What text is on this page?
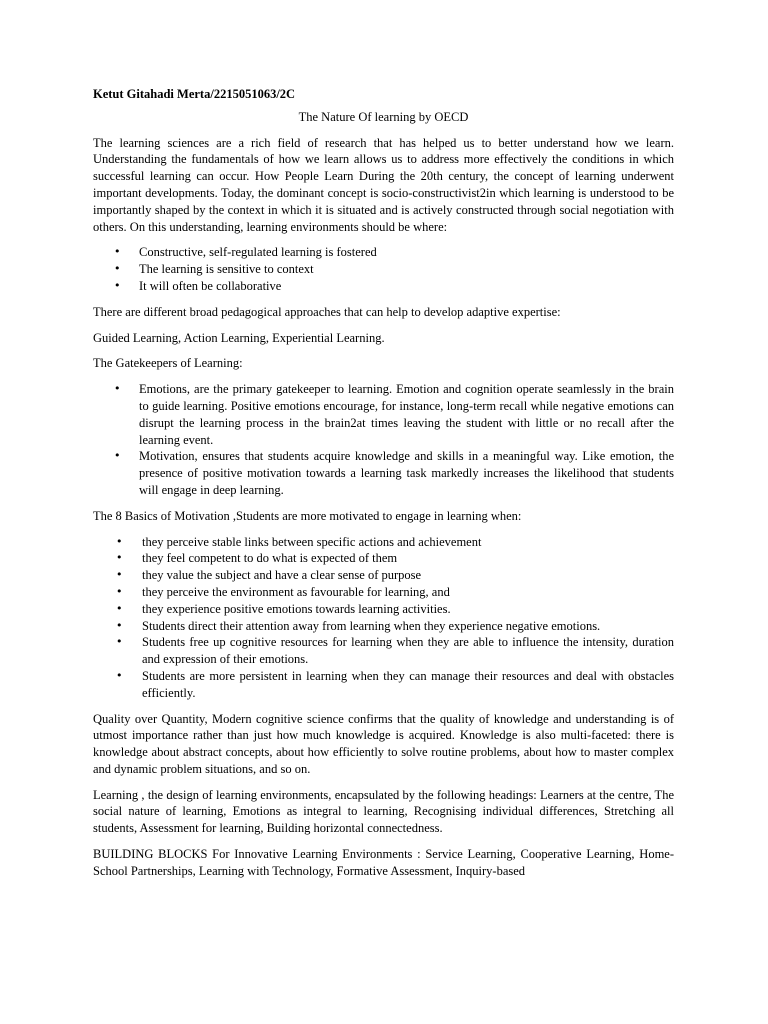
Ketut Gitahadi Merta/2215051063/2C
The Nature Of learning by OECD

The learning sciences are a rich field of research that has helped us to better understand how we learn. Understanding the fundamentals of how we learn allows us to address more effectively the conditions in which successful learning can occur. How People Learn During the 20th century, the concept of learning underwent important developments. Today, the dominant concept is socio-constructivist2in which learning is understood to be importantly shaped by the context in which it is situated and is actively constructed through social negotiation with others. On this understanding, learning environments should be where:

• Constructive, self-regulated learning is fostered
• The learning is sensitive to context
• It will often be collaborative

There are different broad pedagogical approaches that can help to develop adaptive expertise:

Guided Learning, Action Learning, Experiential Learning.

The Gatekeepers of Learning:

• Emotions, are the primary gatekeeper to learning. Emotion and cognition operate seamlessly in the brain to guide learning. Positive emotions encourage, for instance, long-term recall while negative emotions can disrupt the learning process in the brain2at times leaving the student with little or no recall after the learning event.
• Motivation, ensures that students acquire knowledge and skills in a meaningful way. Like emotion, the presence of positive motivation towards a learning task markedly increases the likelihood that students will engage in deep learning.

The 8 Basics of Motivation ,Students are more motivated to engage in learning when:

• they perceive stable links between specific actions and achievement
• they feel competent to do what is expected of them
• they value the subject and have a clear sense of purpose
• they perceive the environment as favourable for learning, and
• they experience positive emotions towards learning activities.
• Students direct their attention away from learning when they experience negative emotions.
• Students free up cognitive resources for learning when they are able to influence the intensity, duration and expression of their emotions.
• Students are more persistent in learning when they can manage their resources and deal with obstacles efficiently.

Quality over Quantity, Modern cognitive science confirms that the quality of knowledge and understanding is of utmost importance rather than just how much knowledge is acquired. Knowledge is also multi-faceted: there is knowledge about abstract concepts, about how efficiently to solve routine problems, about how to master complex and dynamic problem situations, and so on.

Learning , the design of learning environments, encapsulated by the following headings: Learners at the centre, The social nature of learning, Emotions as integral to learning, Recognising individual differences, Stretching all students, Assessment for learning, Building horizontal connectedness.

BUILDING BLOCKS For Innovative Learning Environments : Service Learning, Cooperative Learning, Home-School Partnerships, Learning with Technology, Formative Assessment, Inquiry-based
